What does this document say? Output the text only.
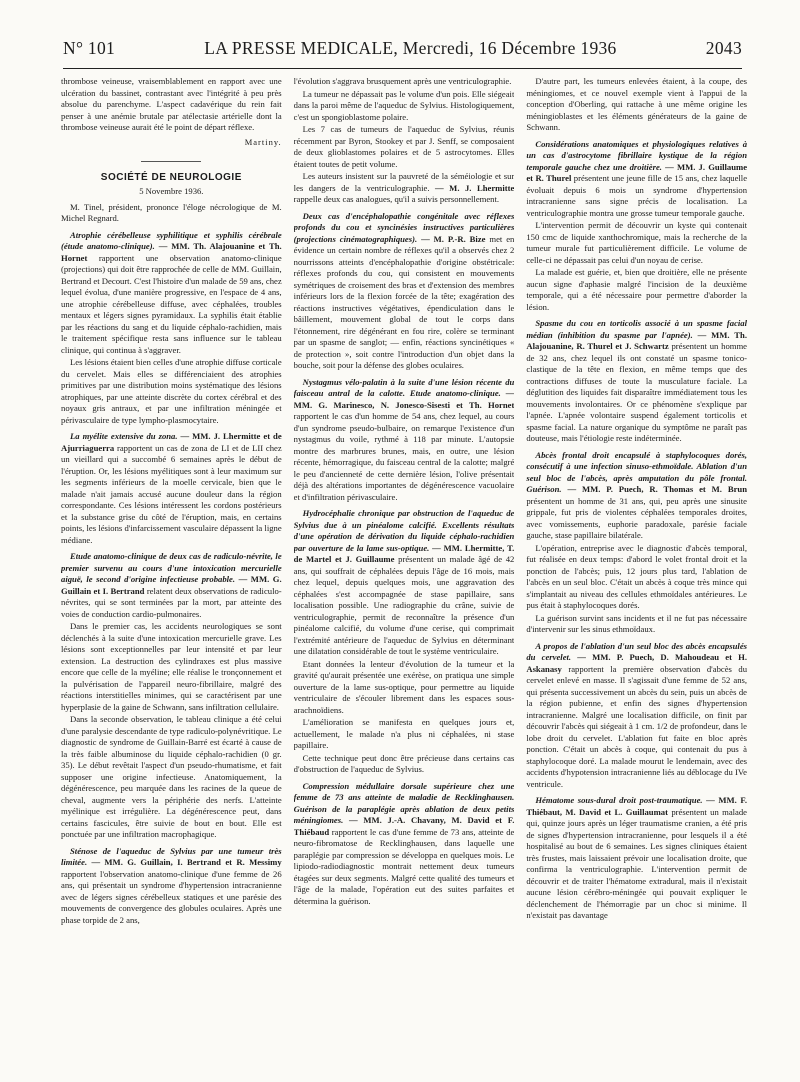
N° 101	LA PRESSE MEDICALE, Mercredi, 16 Décembre 1936	2043

thrombose veineuse, vraisemblablement en rapport avec une ulcération du bassinet, contrastant avec l'intégrité à peu près absolue du parenchyme. L'aspect cadavérique du rein fait penser à une anémie brutale par atélectasie artérielle dont la thrombose veineuse aurait été le point de départ réflexe.

Martiny.
SOCIÉTÉ DE NEUROLOGIE
5 Novembre 1936.

M. Tinel, président, prononce l'éloge nécrologique de M. Michel Regnard.

Atrophie cérébelleuse syphilitique et syphilis cérébrale (étude anatomo-clinique). — MM. Th. Alajouanine et Th. Hornet rapportent une observation anatomo-clinique (projections) qui doit être rapprochée de celle de MM. Guillain, Bertrand et Decourt. C'est l'histoire d'un malade de 59 ans, chez lequel évolua, d'une manière progressive, en l'espace de 4 ans, une atrophie cérébelleuse diffuse, avec céphalées, troubles mentaux et légers signes pyramidaux. La syphilis était établie par les réactions du sang et du liquide céphalo-rachidien, mais le traitement spécifique resta sans influence sur le tableau clinique, qui continua à s'aggraver.

Les lésions étaient bien celles d'une atrophie diffuse corticale du cervelet. Mais elles se différenciaient des atrophies primitives par une distribution moins systématique des lésions atrophiques, par une atteinte discrète du cortex cérébral et des noyaux gris antraux, et par une infiltration méningée et périvasculaire de type lympho-plasmocytaire.

La myélite extensive du zona. — MM. J. Lhermitte et de Ajurriaguerra rapportent un cas de zona de LI et de LII chez un vieillard qui a succombé 6 semaines après le début de l'éruption. Or, les lésions myélitiques sont à leur maximum sur les segments inférieurs de la moelle cervicale, bien que le malade n'ait jamais accusé aucune douleur dans la région correspondante. Ces lésions intéressent les cordons postérieurs et la substance grise du côté de l'éruption, mais, en certains points, les lésions d'infarcissement vasculaire dépassent la ligne médiane.

Etude anatomo-clinique de deux cas de radiculo-névrite, le premier survenu au cours d'une intoxication mercurielle aiguë, le second d'origine infectieuse probable. — MM. G. Guillain et I. Bertrand relatent deux observations de radiculo-névrites, qui se sont terminées par la mort, par atteinte des voies de conduction cardio-pulmonaires.

Dans le premier cas, les accidents neurologiques se sont déclenchés à la suite d'une intoxication mercurielle grave. Les lésions sont exceptionnelles par leur intensité et par leur extension. La destruction des cylindraxes est plus massive encore que celle de la myéline; elle réalise le tronçonnement et la pulvérisation de l'appareil neuro-fibrillaire, malgré des réactions interstitielles minimes, qui se caractérisent par une hyperplasie de la gaine de Schwann, sans infiltration cellulaire.

Dans la seconde observation, le tableau clinique a été celui d'une paralysie descendante de type radiculo-polynévritique. Le diagnostic de syndrome de Guillain-Barré est écarté à cause de la très faible albuminose du liquide céphalo-rachidien (0 gr. 35). Le début revêtait l'aspect d'un pseudo-rhumatisme, et fait supposer une origine infectieuse. Anatomiquement, la dégénérescence, peu marquée dans les racines de la queue de cheval, augmente vers la périphérie des nerfs. L'atteinte myélinique est irrégulière. La dégénérescence peut, dans certains fascicules, être suivie de bout en bout. Elle est ponctuée par une infiltration macrophagique.

Sténose de l'aqueduc de Sylvius par une tumeur très limitée. — MM. G. Guillain, I. Bertrand et R. Messimy rapportent l'observation anatomo-clinique d'une femme de 26 ans, qui présentait un syndrome d'hypertension intracranienne avec de légers signes cérébelleux statiques et une parésie des mouvements de convergence des globules oculaires. Après une phase torpide de 2 ans,

l'évolution s'aggrava brusquement après une ventriculographie.

La tumeur ne dépassait pas le volume d'un pois. Elle siégeait dans la paroi même de l'aqueduc de Sylvius. Histologiquement, c'est un spongioblastome polaire.

Les 7 cas de tumeurs de l'aqueduc de Sylvius, réunis récemment par Byron, Stookey et par J. Senff, se composaient de deux glioblastomes polaires et de 5 astrocytomes. Elles étaient toutes de petit volume.

Les auteurs insistent sur la pauvreté de la séméiologie et sur les dangers de la ventriculographie. — M. J. Lhermitte rappelle deux cas analogues, qu'il a suivis personnellement.

Deux cas d'encéphalopathie congénitale avec réflexes profonds du cou et syncinésies instructives particulières (projections cinématographiques). — M. P.-R. Bize met en évidence un certain nombre de réflexes qu'il a observés chez 2 nourrissons atteints d'encéphalopathie d'origine obstétricale: réflexes profonds du cou, qui consistent en mouvements symétriques de croisement des bras et d'extension des membres inférieurs lors de la flexion forcée de la tête; exagération des réactions instructives végétatives, épendiculation dans le bâillement, mouvement global de tout le corps dans l'étonnement, rire dégénérant en fou rire, colère se terminant par un spasme de sanglot; — enfin, réactions syncinétiques « de protection », soit contre l'introduction d'un objet dans la bouche, soit pour la défense des globes oculaires.

Nystagmus vélo-palatin à la suite d'une lésion récente du faisceau antral de la calotte. Etude anatomo-clinique. — MM. G. Marinesco, N. Jonesco-Sisesti et Th. Hornet rapportent le cas d'un homme de 54 ans, chez lequel, au cours d'un syndrome pseudo-bulbaire, on remarque l'existence d'un nystagmus du voile, rythmé à 118 par minute. L'autopsie montre des marbrures brunes, mais, en outre, une lésion récente, hémorragique, du faisceau central de la calotte; malgré le peu d'ancienneté de cette dernière lésion, l'olive présentait déjà des altérations importantes de dégénérescence vacuolaire et d'infiltration périvasculaire.

Hydrocéphalie chronique par obstruction de l'aqueduc de Sylvius due à un pinéalome calcifié. Excellents résultats d'une opération de dérivation du liquide céphalo-rachidien par ouverture de la lame sus-optique. — MM. Lhermitte, T. de Martel et J. Guillaume présentent un malade âgé de 42 ans, qui souffrait de céphalées depuis l'âge de 16 mois, mais chez lequel, depuis quelques mois, une aggravation des céphalées s'est accompagnée de stase papillaire, sans localisation possible. Une radiographie du crâne, suivie de ventriculographie, permit de reconnaître la présence d'un pinéalome calcifié, du volume d'une cerise, qui comprimait l'extrémité antérieure de l'aqueduc de Sylvius en déterminant une dilatation considérable de tout le système ventriculaire.

Etant données la lenteur d'évolution de la tumeur et la gravité qu'aurait présentée une exérèse, on pratiqua une simple ouverture de la lame sus-optique, pour permettre au liquide ventriculaire de s'écouler librement dans les espaces sous-arachnoïdiens.

L'amélioration se manifesta en quelques jours et, actuellement, le malade n'a plus ni céphalées, ni stase papillaire.

Cette technique peut donc être précieuse dans certains cas d'obstruction de l'aqueduc de Sylvius.

Compression médullaire dorsale supérieure chez une femme de 73 ans atteinte de maladie de Recklinghausen. Guérison de la paraplégie après ablation de deux petits méningiomes. — MM. J.-A. Chavany, M. David et F. Thiébaud rapportent le cas d'une femme de 73 ans, atteinte de neuro-fibromatose de Recklinghausen, dans laquelle une paraplégie par compression se développa en quelques mois. Le lipiodo-radiodiagnostic montrait nettement deux tumeurs étagées sur deux segments. Malgré cette qualité des tumeurs et l'âge de la malade, l'opération eut des suites parfaites et détermina la guérison.

D'autre part, les tumeurs enlevées étaient, à la coupe, des méningiomes, et ce nouvel exemple vient à l'appui de la conception d'Oberling, qui rattache à une même origine les méningioblastes et les éléments générateurs de la gaine de Schwann.

Considérations anatomiques et physiologiques relatives à un cas d'astrocytome fibrillaire kystique de la région temporale gauche chez une droitière. — MM. J. Guillaume et R. Thurel présentent une jeune fille de 15 ans, chez laquelle évoluait depuis 6 mois un syndrome d'hypertension intracranienne sans signe précis de localisation. La ventriculographie montra une grosse tumeur temporale gauche.

L'intervention permit de découvrir un kyste qui contenait 150 cmc de liquide xanthochromique, mais la recherche de la tumeur murale fut particulièrement difficile. Le volume de celle-ci ne dépassait pas celui d'un noyau de cerise.

La malade est guérie, et, bien que droitière, elle ne présente aucun signe d'aphasie malgré l'incision de la deuxième temporale, qui a été nécessaire pour permettre d'aborder la lésion.

Spasme du cou en torticolis associé à un spasme facial médian (inhibition du spasme par l'apnée). — MM. Th. Alajouanine, R. Thurel et J. Schwartz présentent un homme de 32 ans, chez lequel ils ont constaté un spasme tonico-clastique de la tête en flexion, en même temps que des contractions diffuses de toute la musculature faciale. La déglutition des liquides fait disparaître immédiatement tous les mouvements involontaires. Or ce phénomène s'explique par l'apnée. L'apnée volontaire suspend également torticolis et spasme facial. La nature organique du symptôme ne paraît pas douteuse, mais l'étiologie reste indéterminée.

Abcès frontal droit encapsulé à staphylocoques dorés, consécutif à une infection sinuso-ethmoïdale. Ablation d'un seul bloc de l'abcès, après amputation du pôle frontal. Guérison. — MM. P. Puech, R. Thomas et M. Brun présentent un homme de 31 ans, qui, peu après une sinusite grippale, fut pris de violentes céphalées temporales droites, avec vomissements, euphorie paradoxale, parésie faciale gauche, stase papillaire bilatérale.

L'opération, entreprise avec le diagnostic d'abcès temporal, fut réalisée en deux temps: d'abord le volet frontal droit et la ponction de l'abcès; puis, 12 jours plus tard, l'ablation de l'abcès en un seul bloc. C'était un abcès à coque très mince qui s'implantait au niveau des cellules ethmoïdales antérieures. Le pus était à staphylocoques dorés.

La guérison survint sans incidents et il ne fut pas nécessaire d'intervenir sur les sinus ethmoïdaux.

A propos de l'ablation d'un seul bloc des abcès encapsulés du cervelet. — MM. P. Puech, D. Mahoudeau et H. Askanasy rapportent la première observation d'abcès du cervelet enlevé en masse. Il s'agissait d'une femme de 52 ans, qui présenta successivement un abcès du sein, puis un abcès de la région pubienne, et enfin des signes d'hypertension intracranienne. Malgré une localisation difficile, on finit par découvrir l'abcès qui siégeait à 1 cm. 1/2 de profondeur, dans le lobe droit du cervelet. L'ablation fut faite en bloc après ponction. C'était un abcès à coque, qui contenait du pus à staphylocoque doré. La malade mourut le lendemain, avec des accidents d'hypotension intracranienne liés au déblocage du IVe ventricule.

Hématome sous-dural droit post-traumatique. — MM. F. Thiébaut, M. David et L. Guillaumat présentent un malade qui, quinze jours après un léger traumatisme cranien, a été pris de signes d'hypertension intracranienne, pour lesquels il a été hospitalisé au bout de 6 semaines. Les signes cliniques étaient très frustes, mais laissaient prévoir une localisation droite, que confirma la ventriculographie. L'intervention permit de découvrir et de traiter l'hématome extradural, mais il n'existait aucune lésion cérébro-méningée qui pouvait expliquer le déclenchement de l'hémorragie par un choc si minime. Il n'existait pas davantage
